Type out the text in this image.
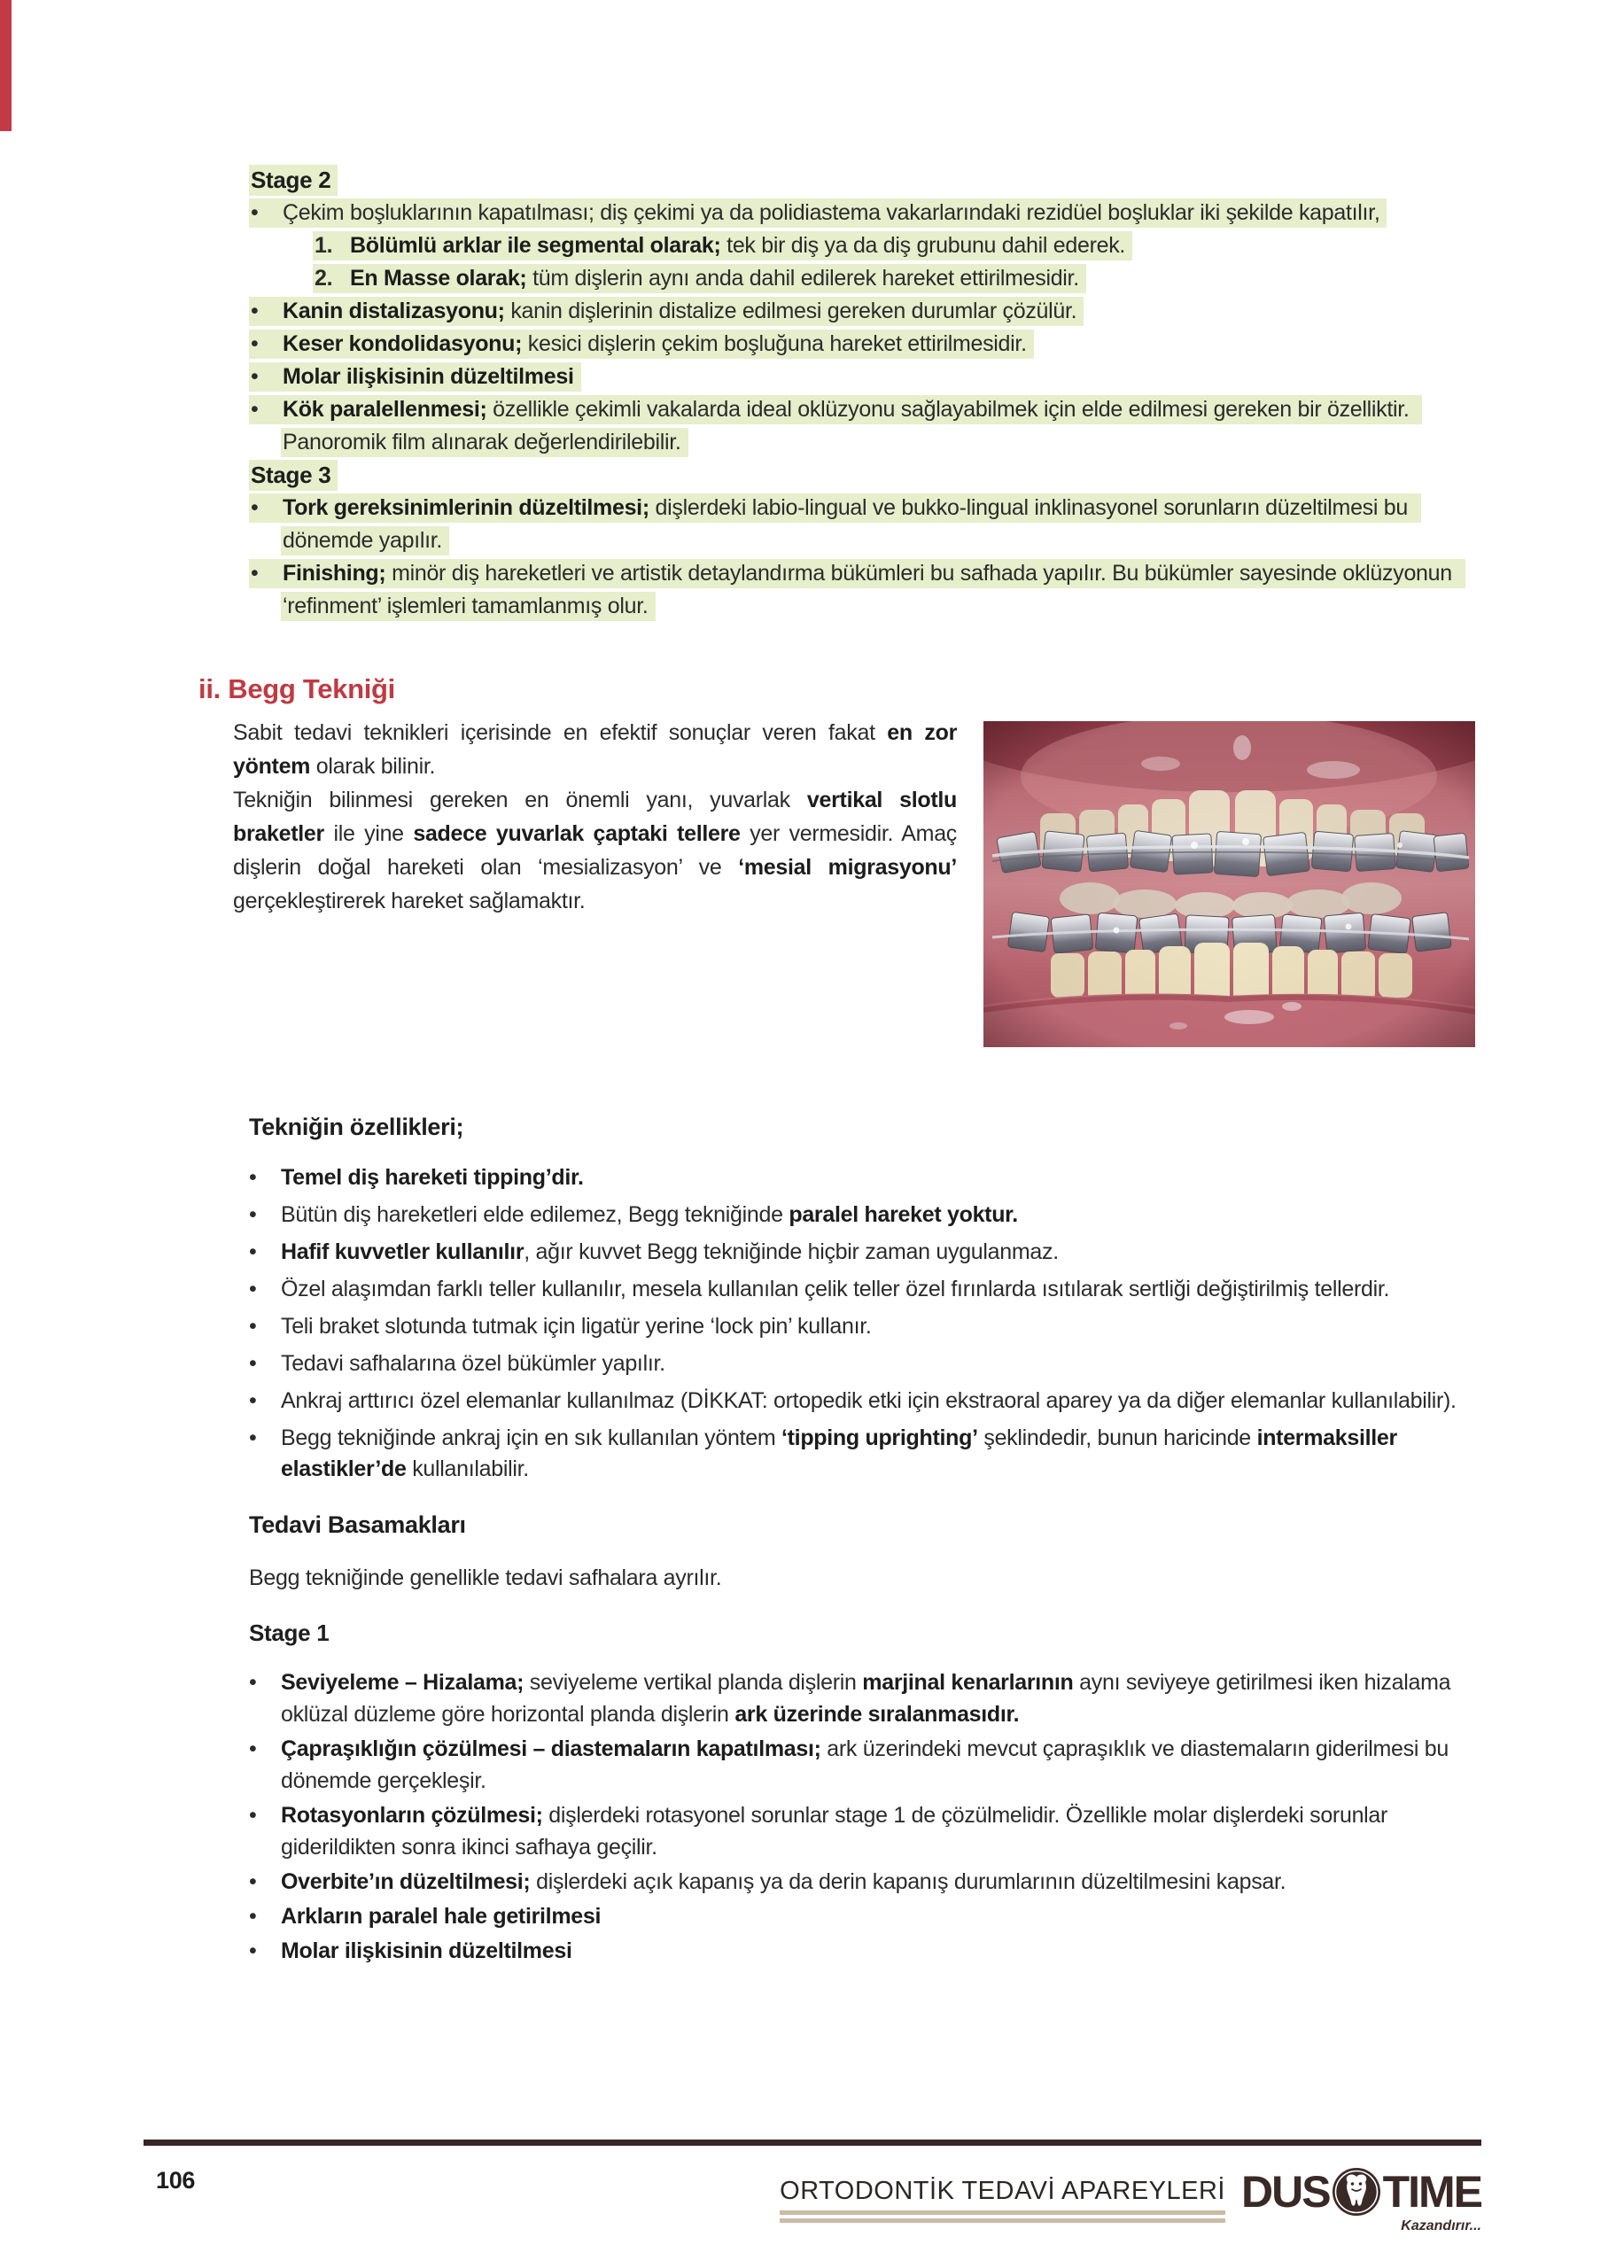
Stage 2
• Çekim boşluklarının kapatılması; diş çekimi ya da polidiastema vakarlarındaki rezidüel boşluklar iki şekilde kapatılır,
1. Bölümlü arklar ile segmental olarak; tek bir diş ya da diş grubunu dahil ederek.
2. En Masse olarak; tüm dişlerin aynı anda dahil edilerek hareket ettirilmesidir.
• Kanin distalizasyonu; kanin dişlerinin distalize edilmesi gereken durumlar çözülür.
• Keser kondolidasyonu; kesici dişlerin çekim boşluğuna hareket ettirilmesidir.
• Molar ilişkisinin düzeltilmesi
• Kök paralellenmesi; özellikle çekimli vakalarda ideal oklüzyonu sağlayabilmek için elde edilmesi gereken bir özelliktir. Panoromik film alınarak değerlendirilebilir.
Stage 3
• Tork gereksinimlerinin düzeltilmesi; dişlerdeki labio-lingual ve bukko-lingual inklinasyonel sorunların düzeltilmesi bu dönemde yapılır.
• Finishing; minör diş hareketleri ve artistik detaylandırma bükümleri bu safhada yapılır. Bu bükümler sayesinde oklüzyonun ‘refinment’ işlemleri tamamlanmış olur.
ii. Begg Tekniği

Sabit tedavi teknikleri içerisinde en efektif sonuçlar veren fakat en zor yöntem olarak bilinir.

Tekniğin bilinmesi gereken en önemli yanı, yuvarlak vertikal slotlu braketler ile yine sadece yuvarlak çaptaki tellere yer vermesidir. Amaç dişlerin doğal hareketi olan ‘mesializasyon’ ve ‘mesial migrasyonu’ gerçekleştirerek hareket sağlamaktır.

Tekniğin özellikleri;
• Temel diş hareketi tipping’dir.
• Bütün diş hareketleri elde edilemez, Begg tekniğinde paralel hareket yoktur.
• Hafif kuvvetler kullanılır, ağır kuvvet Begg tekniğinde hiçbir zaman uygulanmaz.
• Özel alaşımdan farklı teller kullanılır, mesela kullanılan çelik teller özel fırınlarda ısıtılarak sertliği değiştirilmiş tellerdir.
• Teli braket slotunda tutmak için ligatür yerine ‘lock pin’ kullanır.
• Tedavi safhalarına özel bükümler yapılır.
• Ankraj arttırıcı özel elemanlar kullanılmaz (DİKKAT: ortopedik etki için ekstraoral aparey ya da diğer elemanlar kullanılabilir).
• Begg tekniğinde ankraj için en sık kullanılan yöntem ‘tipping uprighting’ şeklindedir, bunun haricinde intermaksiller elastikler’de kullanılabilir.
Tedavi Basamakları

Begg tekniğinde genellikle tedavi safhalara ayrılır.

Stage 1
• Seviyeleme – Hizalama; seviyeleme vertikal planda dişlerin marjinal kenarlarının aynı seviyeye getirilmesi iken hizalama oklüzal düzleme göre horizontal planda dişlerin ark üzerinde sıralanmasıdır.
• Çapraşıklığın çözülmesi – diastemaların kapatılması; ark üzerindeki mevcut çapraşıklık ve diastemaların giderilmesi bu dönemde gerçekleşir.
• Rotasyonların çözülmesi; dişlerdeki rotasyonel sorunlar stage 1 de çözülmelidir. Özellikle molar dişlerdeki sorunlar giderildikten sonra ikinci safhaya geçilir.
• Overbite’ın düzeltilmesi; dişlerdeki açık kapanış ya da derin kapanış durumlarının düzeltilmesini kapsar.
• Arkların paralel hale getirilmesi
• Molar ilişkisinin düzeltilmesi
106	ORTODONTİK TEDAVİ APAREYLERİ DUS TIME
Kazandırır...
